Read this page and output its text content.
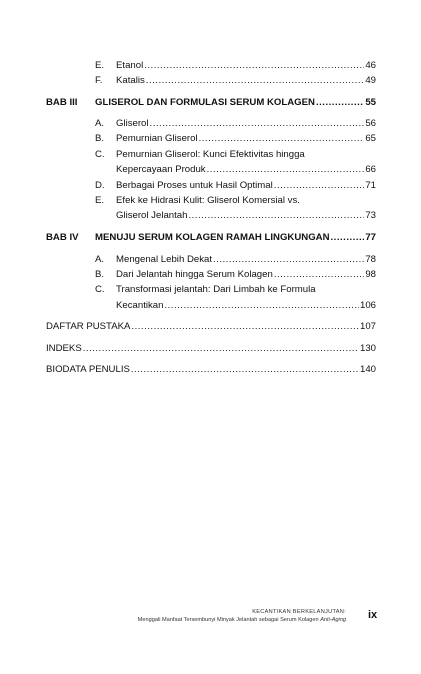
E.	Etanol .....	46
F.	Katalis .....	49
BAB III GLISEROL DAN FORMULASI SERUM KOLAGEN .....	55
A.	Gliserol .....	56
B.	Pemurnian Gliserol .....	65
C.	Pemurnian Gliserol: Kunci Efektivitas hingga
Kepercayaan Produk .....	66
D.	Berbagai Proses untuk Hasil Optimal .....	71
E.	Efek ke Hidrasi Kulit: Gliserol Komersial vs.
Gliserol Jelantah .....	73
BAB IV MENUJU SERUM KOLAGEN RAMAH LINGKUNGAN .....	77
A.	Mengenal Lebih Dekat .....	78
B.	Dari Jelantah hingga Serum Kolagen .....	98
C.	Transformasi jelantah: Dari Limbah ke Formula
Kecantikan .....	106
DAFTAR PUSTAKA .....	107
INDEKS .....	130
BIODATA PENULIS .....	140
KECANTIKAN BERKELANJUTAN:
Menggali Manfaat Tersembunyi Minyak Jelantah sebagai Serum Kolagen Anti-Aging ix
